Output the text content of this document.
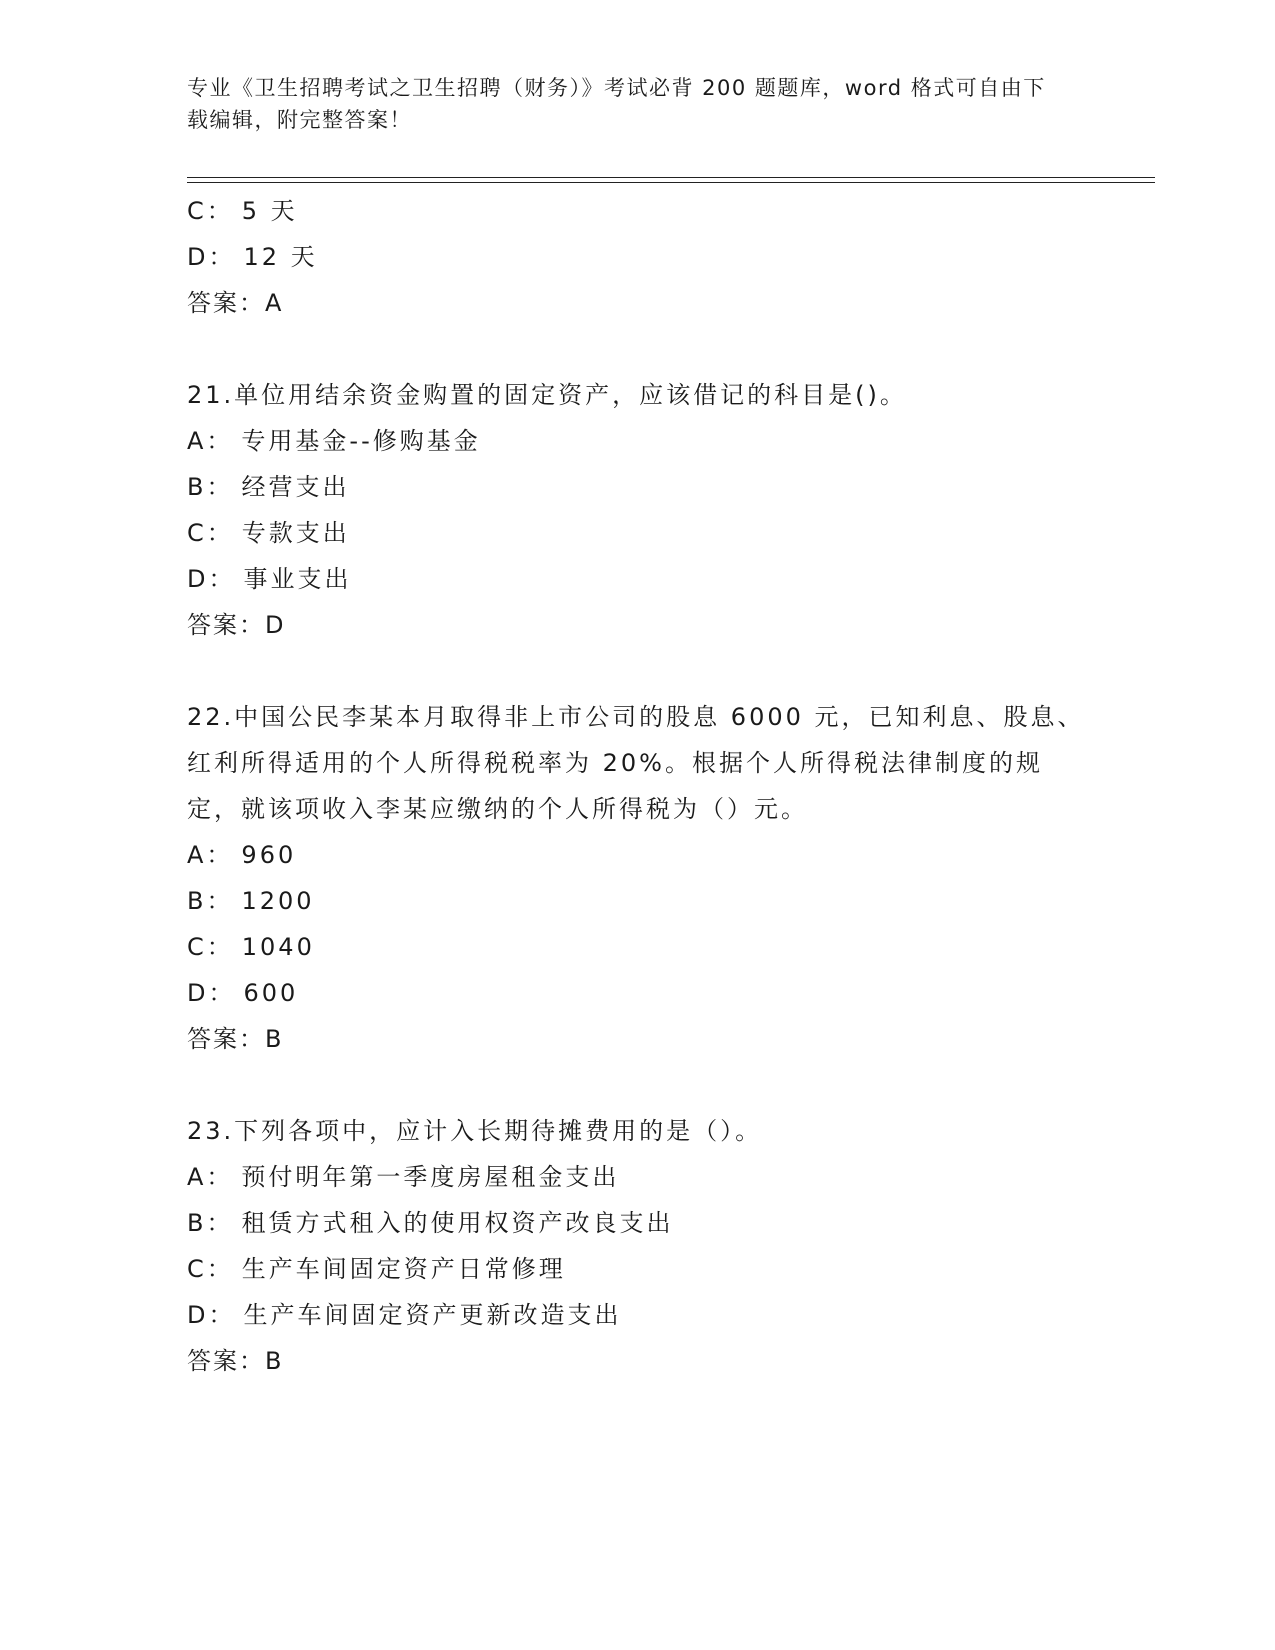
专业《卫生招聘考试之卫生招聘（财务）》考试必背 200 题题库，word 格式可自由下载编辑，附完整答案！
C： 5 天
D： 12 天
答案：A
21.单位用结余资金购置的固定资产，应该借记的科目是()。
A： 专用基金--修购基金
B： 经营支出
C： 专款支出
D： 事业支出
答案：D
22.中国公民李某本月取得非上市公司的股息 6000 元，已知利息、股息、红利所得适用的个人所得税税率为 20%。根据个人所得税法律制度的规定，就该项收入李某应缴纳的个人所得税为（）元。
A： 960
B： 1200
C： 1040
D： 600
答案：B
23.下列各项中，应计入长期待摊费用的是（）。
A： 预付明年第一季度房屋租金支出
B： 租赁方式租入的使用权资产改良支出
C： 生产车间固定资产日常修理
D： 生产车间固定资产更新改造支出
答案：B
